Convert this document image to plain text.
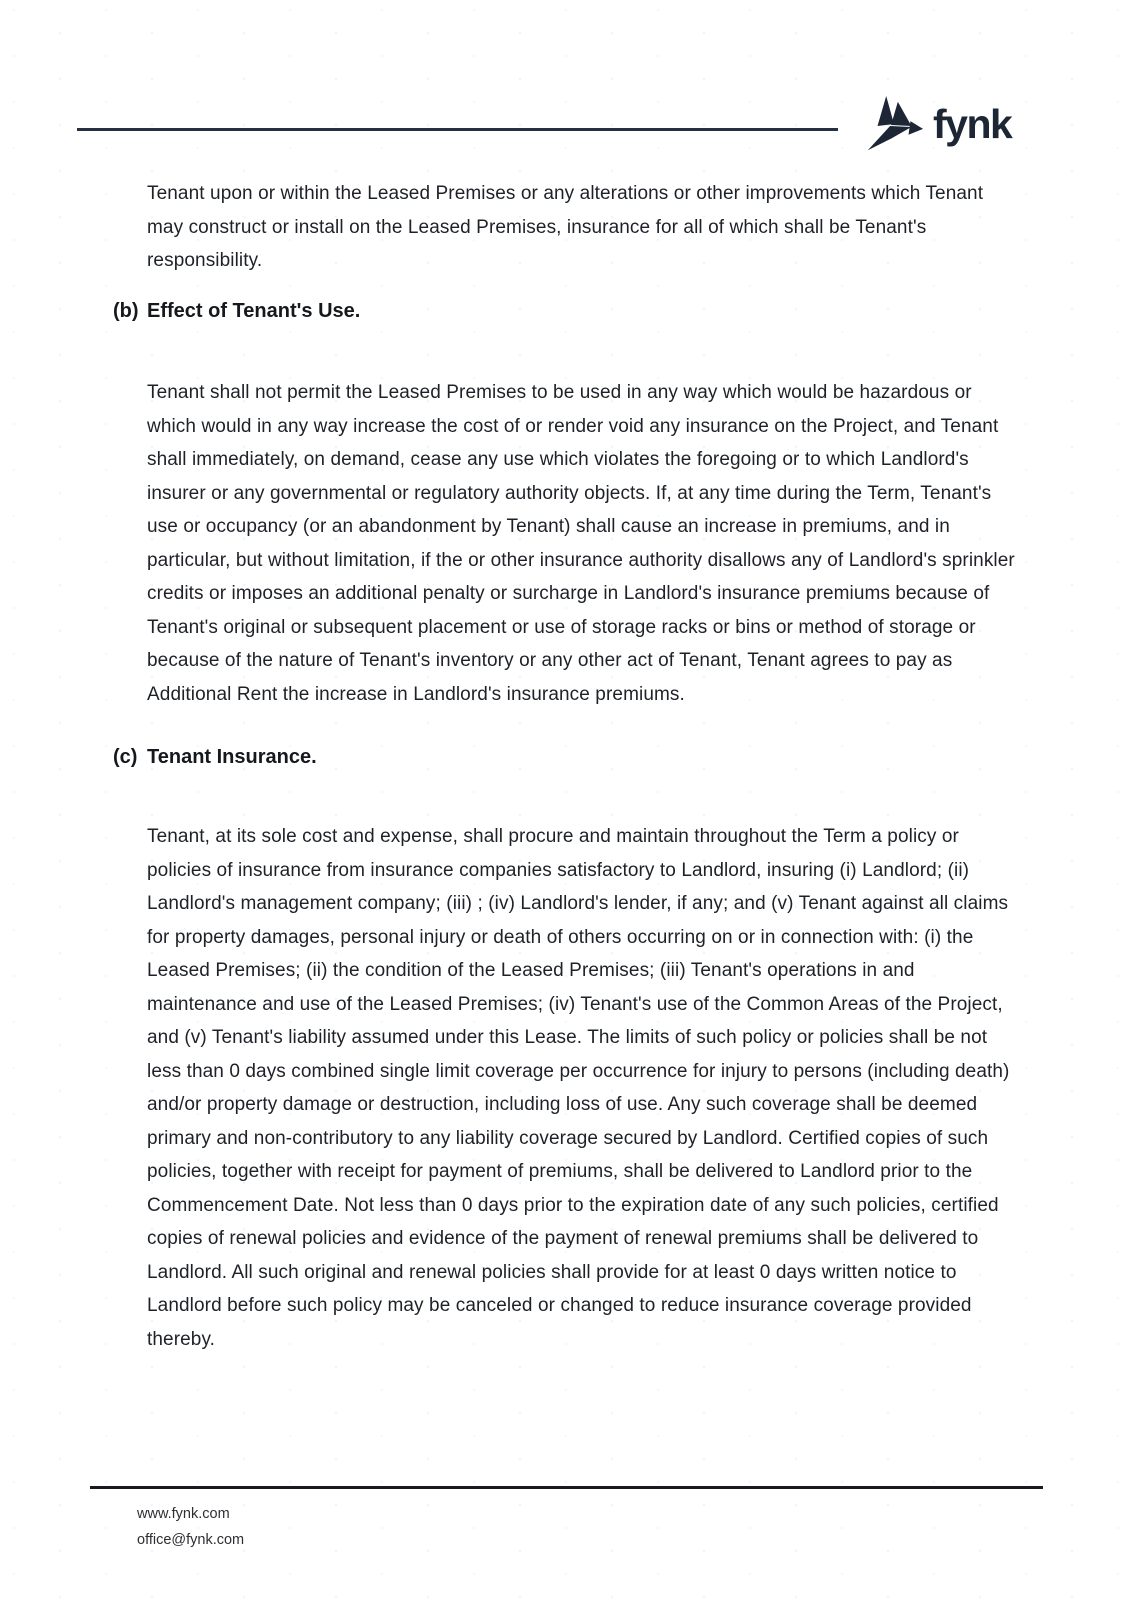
fynk

Tenant upon or within the Leased Premises or any alterations or other improvements which Tenant may construct or install on the Leased Premises, insurance for all of which shall be Tenant's responsibility.

(b) Effect of Tenant's Use.

Tenant shall not permit the Leased Premises to be used in any way which would be hazardous or which would in any way increase the cost of or render void any insurance on the Project, and Tenant shall immediately, on demand, cease any use which violates the foregoing or to which Landlord's insurer or any governmental or regulatory authority objects. If, at any time during the Term, Tenant's use or occupancy (or an abandonment by Tenant) shall cause an increase in premiums, and in particular, but without limitation, if the or other insurance authority disallows any of Landlord's sprinkler credits or imposes an additional penalty or surcharge in Landlord's insurance premiums because of Tenant's original or subsequent placement or use of storage racks or bins or method of storage or because of the nature of Tenant's inventory or any other act of Tenant, Tenant agrees to pay as Additional Rent the increase in Landlord's insurance premiums.

(c) Tenant Insurance.

Tenant, at its sole cost and expense, shall procure and maintain throughout the Term a policy or policies of insurance from insurance companies satisfactory to Landlord, insuring (i) Landlord; (ii) Landlord's management company; (iii) ; (iv) Landlord's lender, if any; and (v) Tenant against all claims for property damages, personal injury or death of others occurring on or in connection with: (i) the Leased Premises; (ii) the condition of the Leased Premises; (iii) Tenant's operations in and maintenance and use of the Leased Premises; (iv) Tenant's use of the Common Areas of the Project, and (v) Tenant's liability assumed under this Lease. The limits of such policy or policies shall be not less than 0 days combined single limit coverage per occurrence for injury to persons (including death) and/or property damage or destruction, including loss of use. Any such coverage shall be deemed primary and non-contributory to any liability coverage secured by Landlord. Certified copies of such policies, together with receipt for payment of premiums, shall be delivered to Landlord prior to the Commencement Date. Not less than 0 days prior to the expiration date of any such policies, certified copies of renewal policies and evidence of the payment of renewal premiums shall be delivered to Landlord. All such original and renewal policies shall provide for at least 0 days written notice to Landlord before such policy may be canceled or changed to reduce insurance coverage provided thereby.

www.fynk.com
office@fynk.com
